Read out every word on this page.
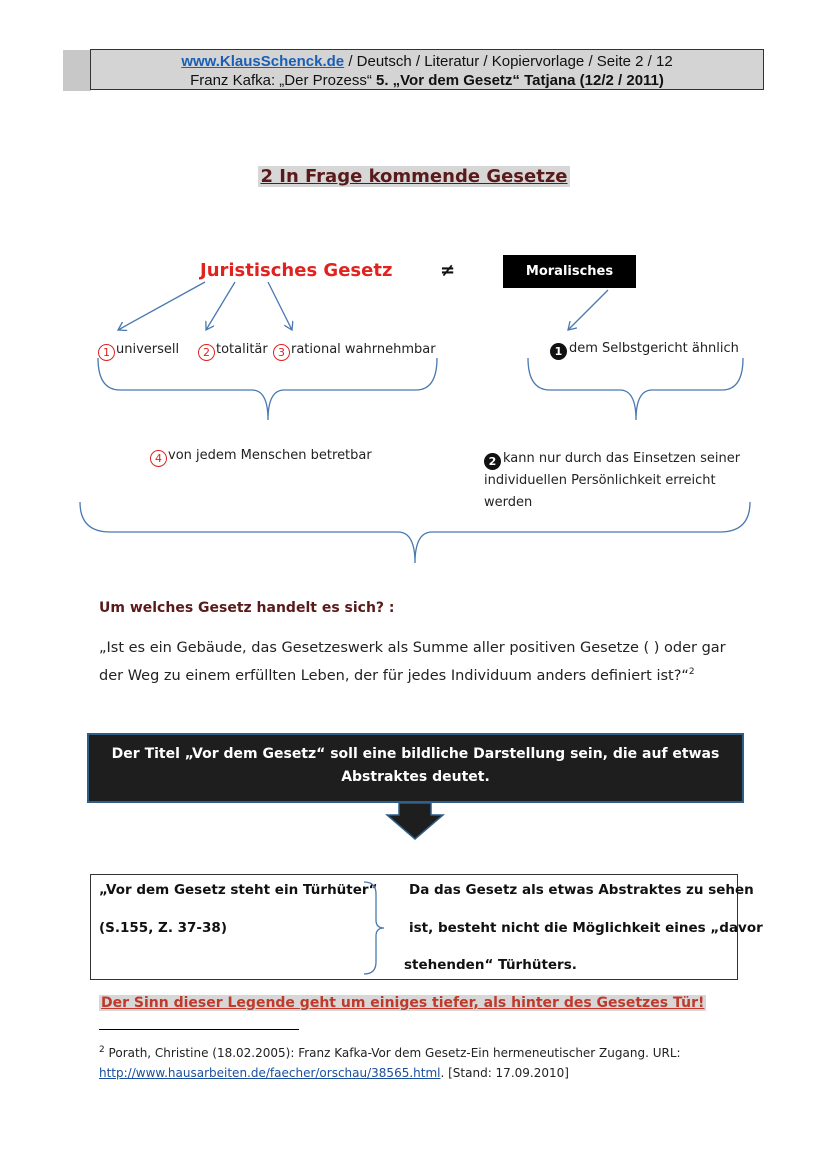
www.KlausSchenck.de / Deutsch / Literatur / Kopiervorlage / Seite 2 / 12
Franz Kafka: „Der Prozess“ 5. „Vor dem Gesetz“ Tatjana (12/2 / 2011)
2 In Frage kommende Gesetze
Juristisches Gesetz	≠	Moralisches Gesetz
1 universell	2 totalitär 3 rational wahrnehmbar
4 von jedem Menschen betretbar
1 dem Selbstgericht ähnlich
2 kann nur durch das Einsetzen seiner individuellen Persönlichkeit erreicht werden
Um welches Gesetz handelt es sich? :
„Ist es ein Gebäude, das Gesetzeswerk als Summe aller positiven Gesetze ( ) oder gar der Weg zu einem erfüllten Leben, der für jedes Individuum anders definiert ist?“$^2$
Der Titel „Vor dem Gesetz“ soll eine bildliche Darstellung sein, die auf etwas Abstraktes deutet.
„Vor dem Gesetz steht ein Türhüter“
(S.155, Z. 37-38)
Da das Gesetz als etwas Abstraktes zu sehen
ist, besteht nicht die Möglichkeit eines „davor
stehenden“ Türhüters.
Der Sinn dieser Legende geht um einiges tiefer, als hinter des Gesetzes Tür!
$^2$ Porath, Christine (18.02.2005): Franz Kafka-Vor dem Gesetz-Ein hermeneutischer Zugang. URL: http://www.hausarbeiten.de/faecher/orschau/38565.html. [Stand: 17.09.2010]
